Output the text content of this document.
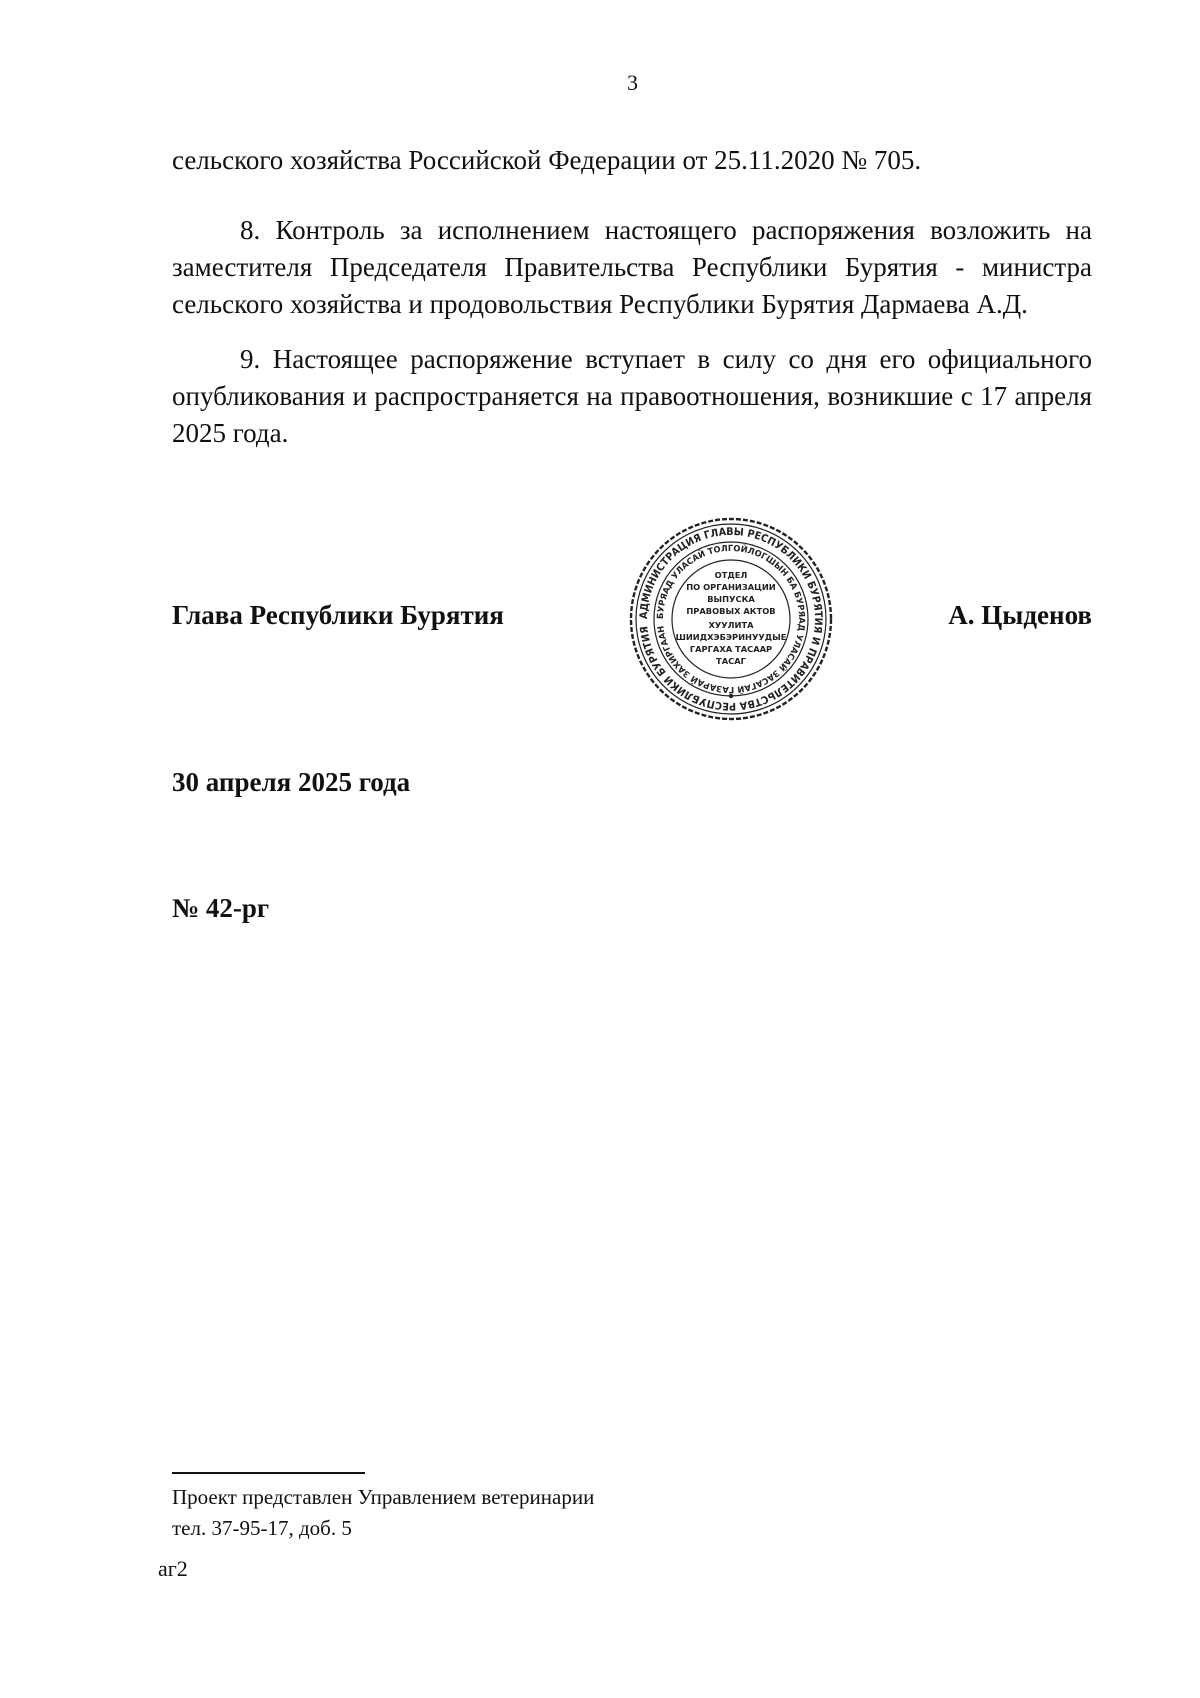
3
сельского хозяйства Российской Федерации от 25.11.2020 № 705.
8. Контроль за исполнением настоящего распоряжения возложить на заместителя Председателя Правительства Республики Бурятия - министра сельского хозяйства и продовольствия Республики Бурятия Дармаева А.Д.
9. Настоящее распоряжение вступает в силу со дня его официального опубликования и распространяется на правоотношения, возникшие с 17 апреля 2025 года.
Глава Республики Бурятия	АДМИНИСТРАЦИЯ ГЛАВЫ РЕСПУБЛИКИ БУРЯТИЯ И ПРАВИТЕЛЬСТВА РЕСПУБЛИКИ БУРЯТИЯ
БУРЯАД УЛАСАЙ ТОЛГОЙЛОГШЫН БА БУРЯАД УЛАСАЙ ЗАСАГАЙ ГАЗАРАЙ ЗАХИРГААН
ОТДЕЛ
ПО ОРГАНИЗАЦИИ
ВЫПУСКА
ПРАВОВЫХ АКТОВ
ХУУЛИТА
ШИИДХЭБЭРИНУУДЫЕ
ГАРГАХА ТАСААР
ТАСАГ
А. Цыденов
30 апреля 2025 года
№ 42-рг
Проект представлен Управлением ветеринарии
тел. 37-95-17, доб. 5
аг2
